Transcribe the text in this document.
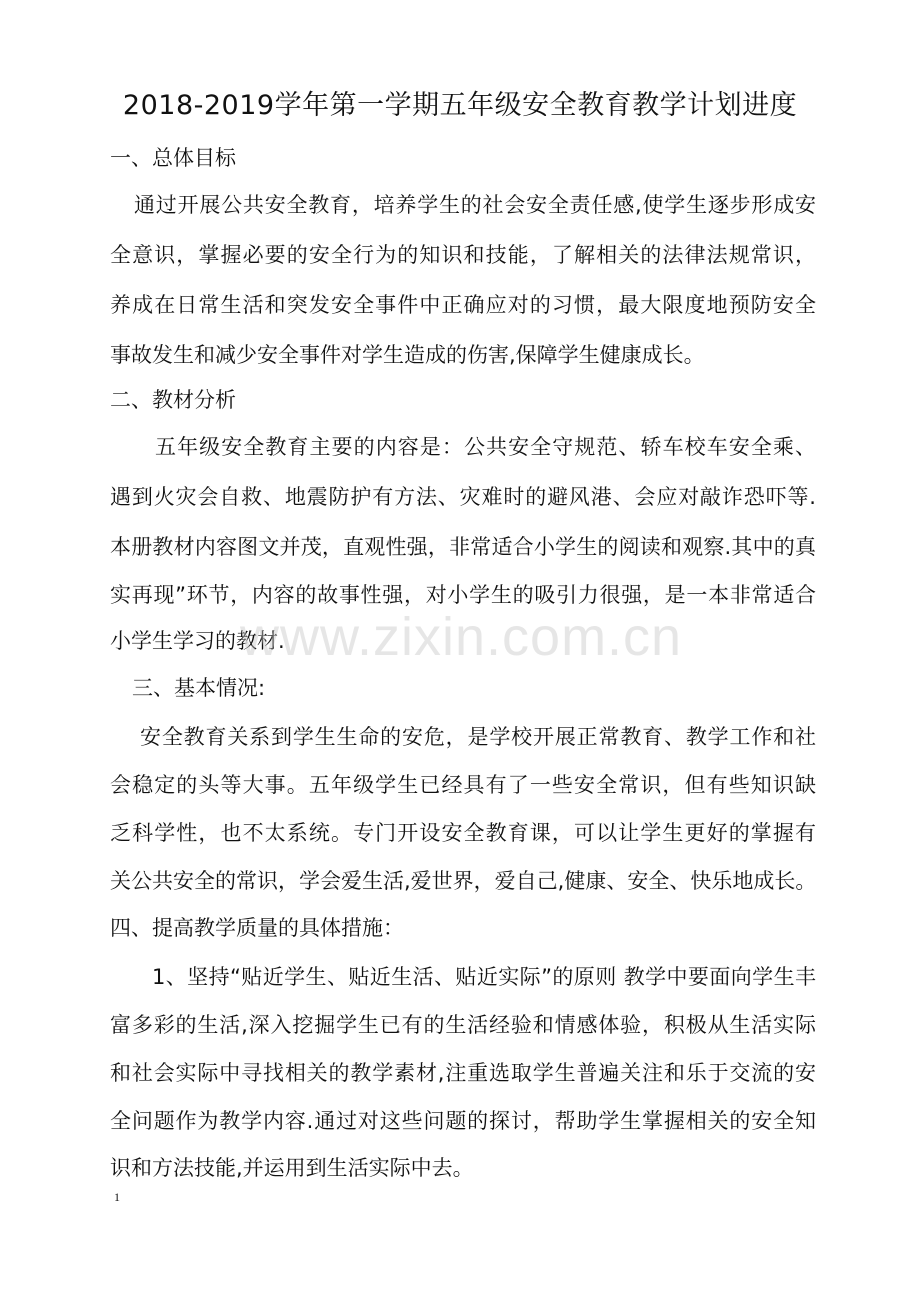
2018-2019学年第一学期五年级安全教育教学计划进度
一、总体目标
通过开展公共安全教育，培养学生的社会安全责任感,使学生逐步形成安
全意识，掌握必要的安全行为的知识和技能，了解相关的法律法规常识，
养成在日常生活和突发安全事件中正确应对的习惯，最大限度地预防安全
事故发生和减少安全事件对学生造成的伤害,保障学生健康成长。
二、教材分析
五年级安全教育主要的内容是：公共安全守规范、轿车校车安全乘、
遇到火灾会自救、地震防护有方法、灾难时的避风港、会应对敲诈恐吓等.
本册教材内容图文并茂，直观性强，非常适合小学生的阅读和观察.其中的真
实再现”环节，内容的故事性强，对小学生的吸引力很强，是一本非常适合
小学生学习的教材.
三、基本情况:
安全教育关系到学生生命的安危，是学校开展正常教育、教学工作和社
会稳定的头等大事。五年级学生已经具有了一些安全常识，但有些知识缺
乏科学性，也不太系统。专门开设安全教育课，可以让学生更好的掌握有
关公共安全的常识，学会爱生活,爱世界，爱自己,健康、安全、快乐地成长。
四、提高教学质量的具体措施：
1、坚持“贴近学生、贴近生活、贴近实际”的原则 教学中要面向学生丰
富多彩的生活,深入挖掘学生已有的生活经验和情感体验，积极从生活实际
和社会实际中寻找相关的教学素材,注重选取学生普遍关注和乐于交流的安
全问题作为教学内容.通过对这些问题的探讨，帮助学生掌握相关的安全知
识和方法技能,并运用到生活实际中去。
www.zixin.com.cn
1
